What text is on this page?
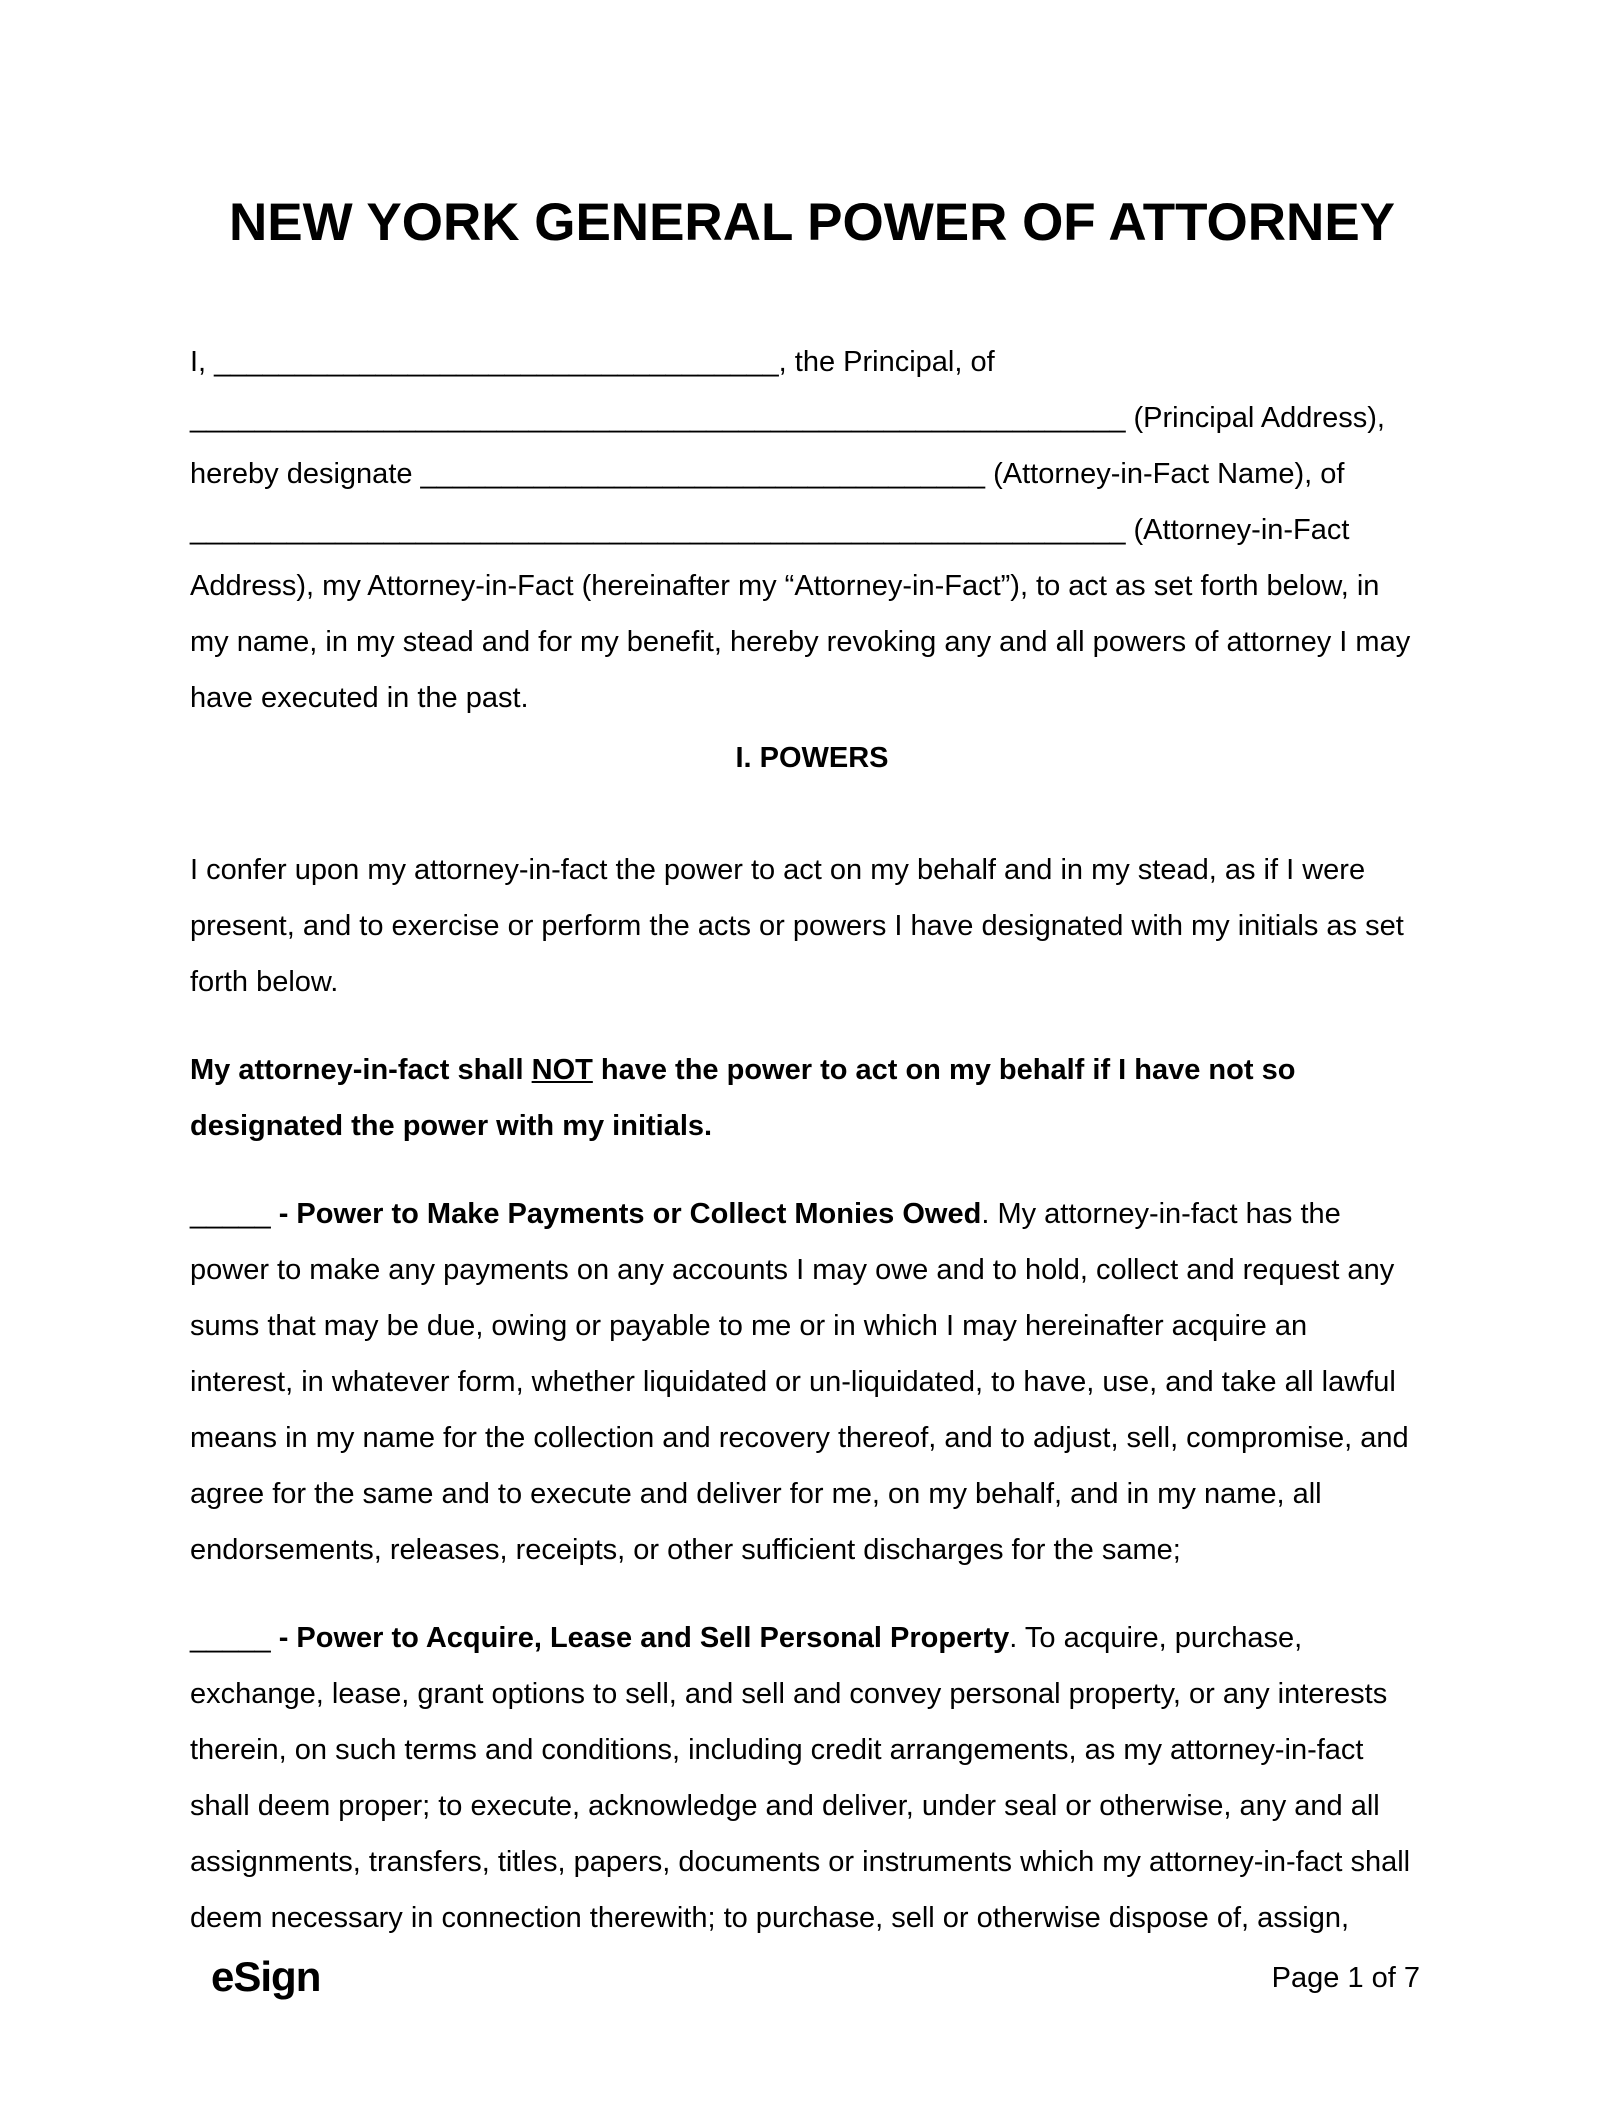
NEW YORK GENERAL POWER OF ATTORNEY
I, ___________________________________, the Principal, of
__________________________________________________________ (Principal Address),
hereby designate ___________________________________ (Attorney-in-Fact Name), of
__________________________________________________________ (Attorney-in-Fact
Address), my Attorney-in-Fact (hereinafter my “Attorney-in-Fact”), to act as set forth below, in
my name, in my stead and for my benefit, hereby revoking any and all powers of attorney I may
have executed in the past.
I. POWERS
I confer upon my attorney-in-fact the power to act on my behalf and in my stead, as if I were
present, and to exercise or perform the acts or powers I have designated with my initials as set
forth below.
My attorney-in-fact shall NOT have the power to act on my behalf if I have not so
designated the power with my initials.
_____ - Power to Make Payments or Collect Monies Owed. My attorney-in-fact has the
power to make any payments on any accounts I may owe and to hold, collect and request any
sums that may be due, owing or payable to me or in which I may hereinafter acquire an
interest, in whatever form, whether liquidated or un-liquidated, to have, use, and take all lawful
means in my name for the collection and recovery thereof, and to adjust, sell, compromise, and
agree for the same and to execute and deliver for me, on my behalf, and in my name, all
endorsements, releases, receipts, or other sufficient discharges for the same;
_____ - Power to Acquire, Lease and Sell Personal Property. To acquire, purchase,
exchange, lease, grant options to sell, and sell and convey personal property, or any interests
therein, on such terms and conditions, including credit arrangements, as my attorney-in-fact
shall deem proper; to execute, acknowledge and deliver, under seal or otherwise, any and all
assignments, transfers, titles, papers, documents or instruments which my attorney-in-fact shall
deem necessary in connection therewith; to purchase, sell or otherwise dispose of, assign,
eSign	Page 1 of 7
